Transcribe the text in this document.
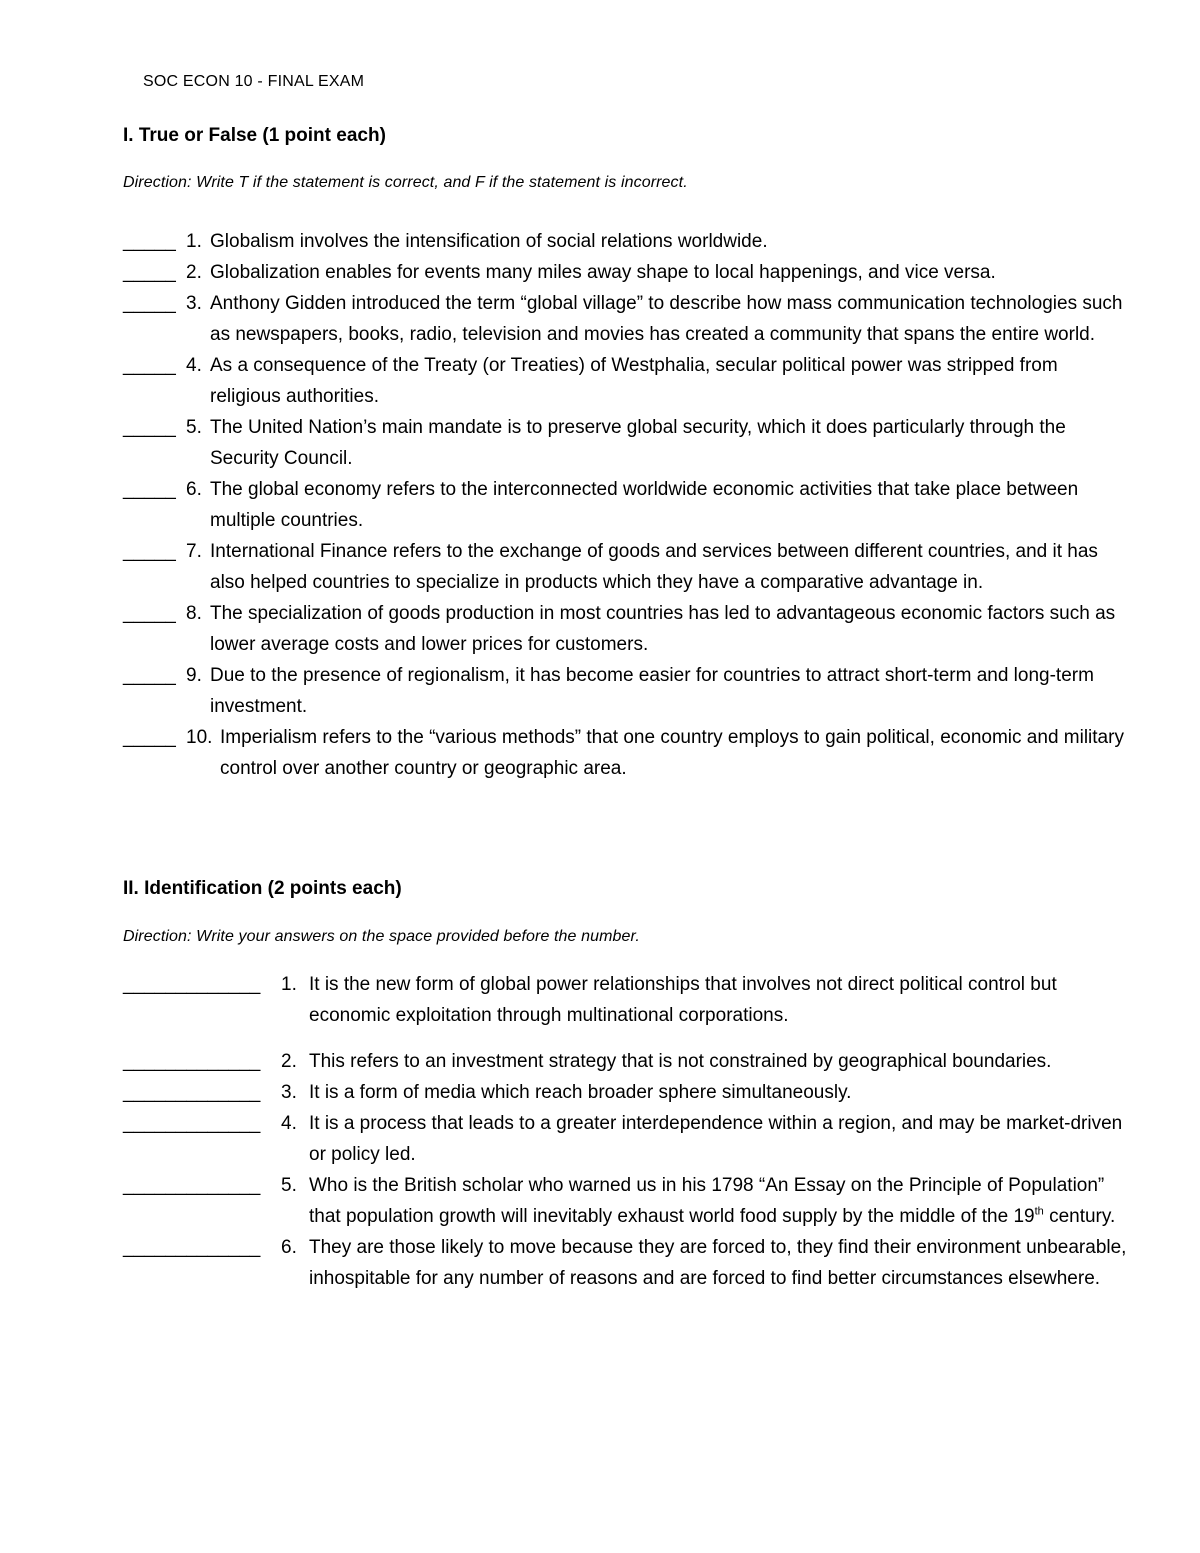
SOC ECON 10 - FINAL EXAM
I. True or False (1 point each)
Direction: Write T if the statement is correct, and F if the statement is incorrect.
_____ 1. Globalism involves the intensification of social relations worldwide.
_____ 2. Globalization enables for events many miles away shape to local happenings, and vice versa.
_____ 3. Anthony Gidden introduced the term “global village” to describe how mass communication technologies such as newspapers, books, radio, television and movies has created a community that spans the entire world.
_____ 4. As a consequence of the Treaty (or Treaties) of Westphalia, secular political power was stripped from religious authorities.
_____ 5. The United Nation’s main mandate is to preserve global security, which it does particularly through the Security Council.
_____ 6. The global economy refers to the interconnected worldwide economic activities that take place between multiple countries.
_____ 7. International Finance refers to the exchange of goods and services between different countries, and it has also helped countries to specialize in products which they have a comparative advantage in.
_____ 8. The specialization of goods production in most countries has led to advantageous economic factors such as lower average costs and lower prices for customers.
_____ 9. Due to the presence of regionalism, it has become easier for countries to attract short-term and long-term investment.
_____ 10. Imperialism refers to the “various methods” that one country employs to gain political, economic and military control over another country or geographic area.
II. Identification (2 points each)
Direction: Write your answers on the space provided before the number.
_____________	1. It is the new form of global power relationships that involves not direct political control but economic exploitation through multinational corporations.
_____________	2. This refers to an investment strategy that is not constrained by geographical boundaries.
_____________	3. It is a form of media which reach broader sphere simultaneously.
_____________	4. It is a process that leads to a greater interdependence within a region, and may be market-driven or policy led.
_____________	5. Who is the British scholar who warned us in his 1798 “An Essay on the Principle of Population” that population growth will inevitably exhaust world food supply by the middle of the 19th century.
_____________	6. They are those likely to move because they are forced to, they find their environment unbearable, inhospitable for any number of reasons and are forced to find better circumstances elsewhere.
